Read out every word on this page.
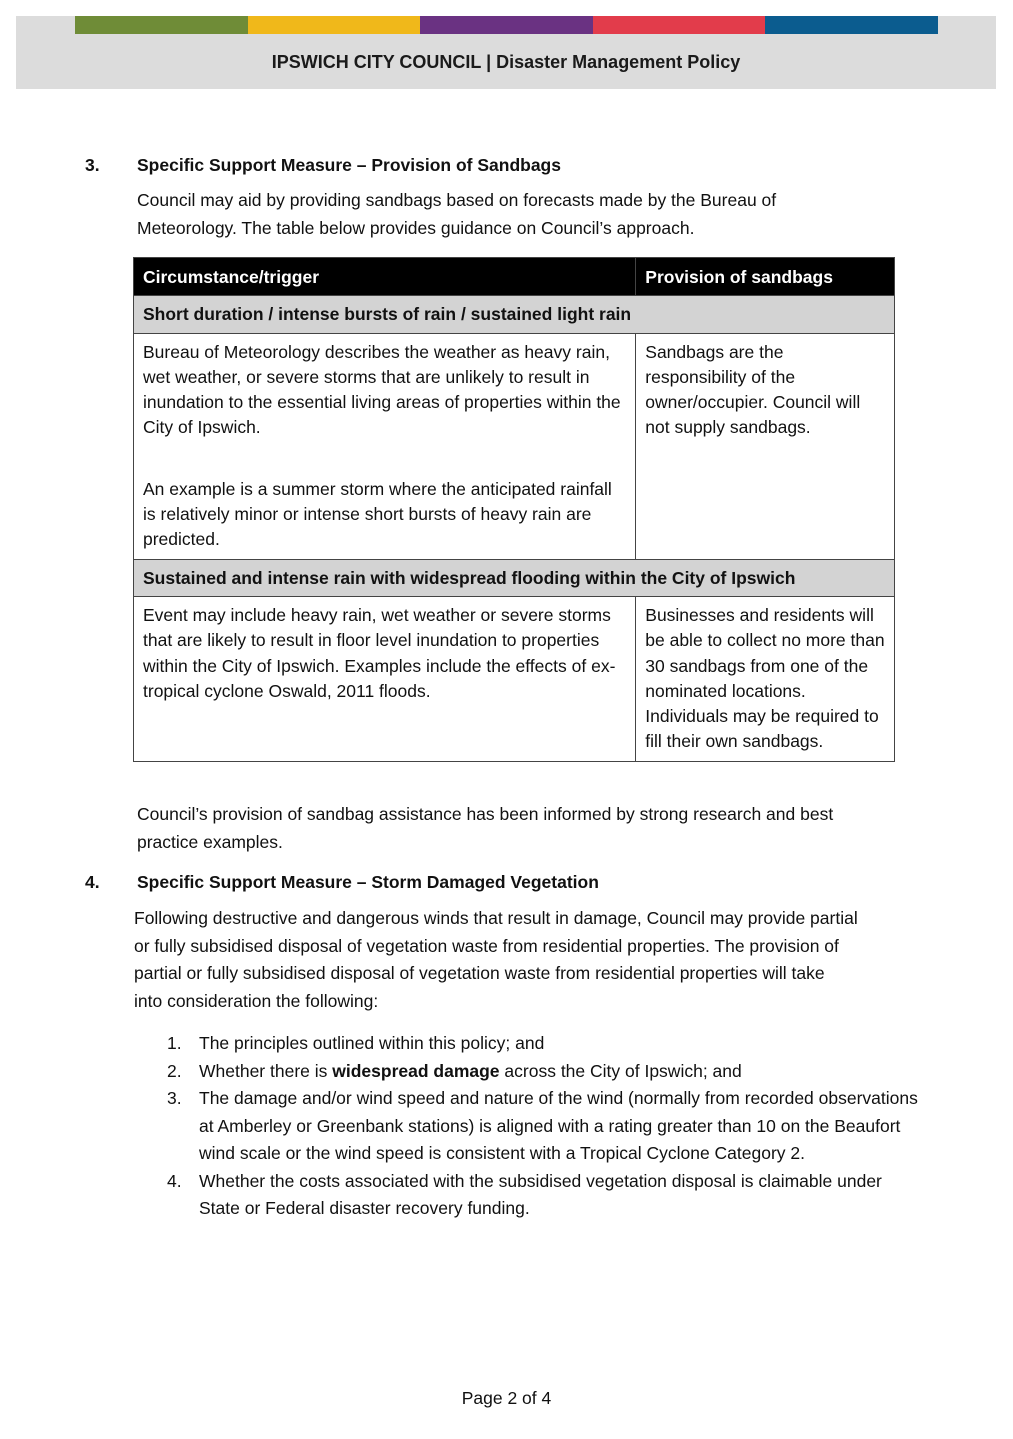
IPSWICH CITY COUNCIL | Disaster Management Policy
3. Specific Support Measure – Provision of Sandbags

Council may aid by providing sandbags based on forecasts made by the Bureau of
Meteorology. The table below provides guidance on Council’s approach.

Circumstance/trigger	Provision of sandbags
Short duration / intense bursts of rain / sustained light rain	

Bureau of Meteorology describes the weather as heavy rain, wet weather, or severe storms that are unlikely to result in inundation to the essential living areas of properties within the City of Ipswich.

An example is a summer storm where the anticipated rainfall is relatively minor or intense short bursts of heavy rain are predicted.	Sandbags are the responsibility of the owner/occupier. Council will not supply sandbags.
Sustained and intense rain with widespread flooding within the City of Ipswich	
Event may include heavy rain, wet weather or severe storms that are likely to result in floor level inundation to properties within the City of Ipswich. Examples include the effects of ex-tropical cyclone Oswald, 2011 floods.	Businesses and residents will be able to collect no more than 30 sandbags from one of the nominated locations. Individuals may be required to fill their own sandbags.

Council’s provision of sandbag assistance has been informed by strong research and best
practice examples.

4. Specific Support Measure – Storm Damaged Vegetation

Following destructive and dangerous winds that result in damage, Council may provide partial
or fully subsidised disposal of vegetation waste from residential properties. The provision of
partial or fully subsidised disposal of vegetation waste from residential properties will take
into consideration the following:

1. The principles outlined within this policy; and
2. Whether there is widespread damage across the City of Ipswich; and
3. The damage and/or wind speed and nature of the wind (normally from recorded observations at Amberley or Greenbank stations) is aligned with a rating greater than 10 on the Beaufort wind scale or the wind speed is consistent with a Tropical Cyclone Category 2.
4. Whether the costs associated with the subsidised vegetation disposal is claimable under State or Federal disaster recovery funding.
Page 2 of 4
